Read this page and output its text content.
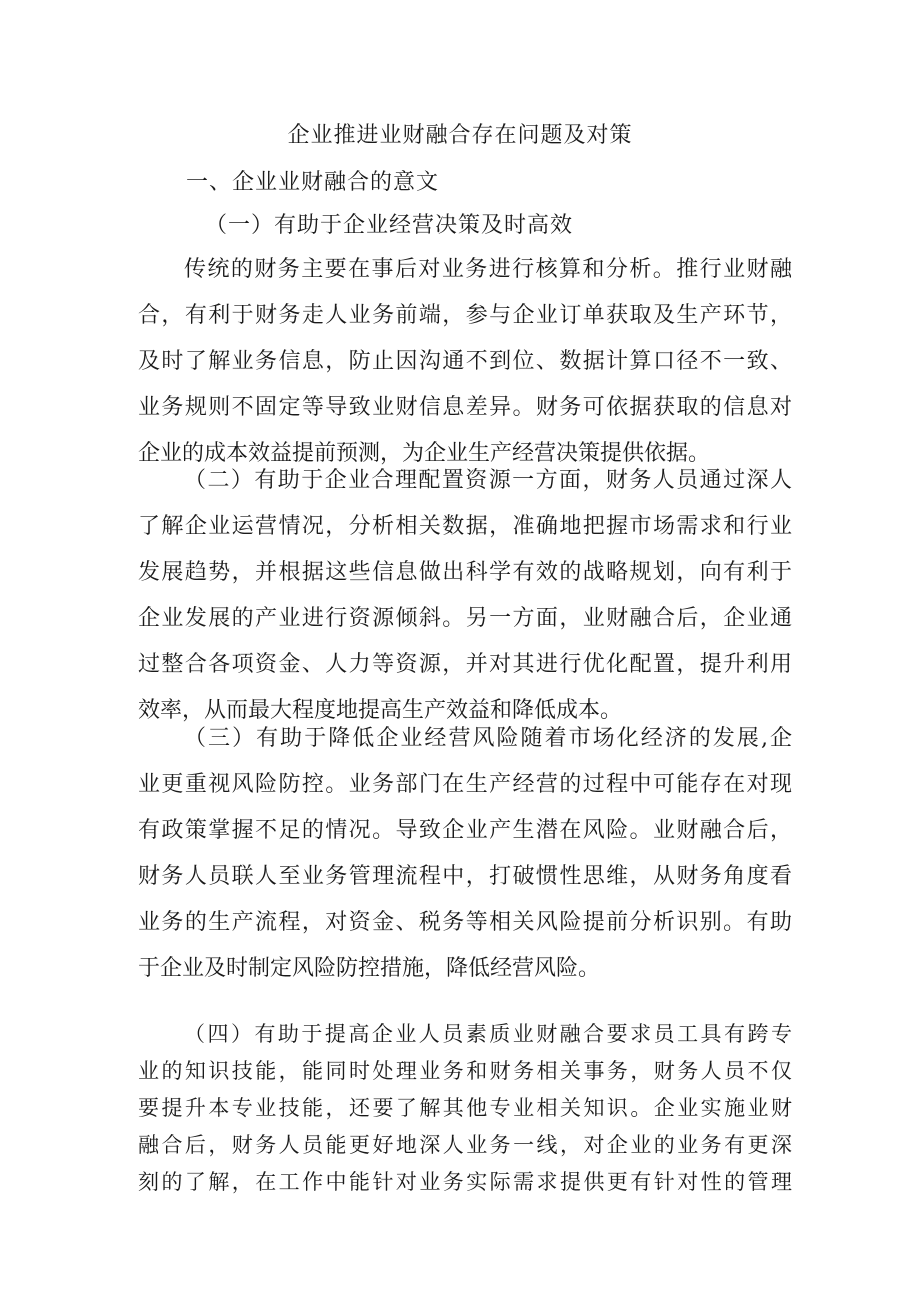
企业推进业财融合存在问题及对策
一、企业业财融合的意文
（一）有助于企业经营决策及时高效
传统的财务主要在事后对业务进行核算和分析。推行业财融
合，有利于财务走人业务前端，参与企业订单获取及生产环节，
及时了解业务信息，防止因沟通不到位、数据计算口径不一致、
业务规则不固定等导致业财信息差异。财务可依据获取的信息对
企业的成本效益提前预测，为企业生产经营决策提供依据。
（二）有助于企业合理配置资源一方面，财务人员通过深人
了解企业运营情况，分析相关数据，准确地把握市场需求和行业
发展趋势，并根据这些信息做出科学有效的战略规划，向有利于
企业发展的产业进行资源倾斜。另一方面，业财融合后，企业通
过整合各项资金、人力等资源，并对其进行优化配置，提升利用
效率，从而最大程度地提高生产效益和降低成本。
（三）有助于降低企业经营风险随着市场化经济的发展,企
业更重视风险防控。业务部门在生产经营的过程中可能存在对现
有政策掌握不足的情况。导致企业产生潜在风险。业财融合后，
财务人员联人至业务管理流程中，打破惯性思维，从财务角度看
业务的生产流程，对资金、税务等相关风险提前分析识别。有助
于企业及时制定风险防控措施，降低经营风险。
（四）有助于提高企业人员素质业财融合要求员工具有跨专
业的知识技能，能同时处理业务和财务相关事务，财务人员不仅
要提升本专业技能，还要了解其他专业相关知识。企业实施业财
融合后，财务人员能更好地深人业务一线，对企业的业务有更深
刻的了解，在工作中能针对业务实际需求提供更有针对性的管理
